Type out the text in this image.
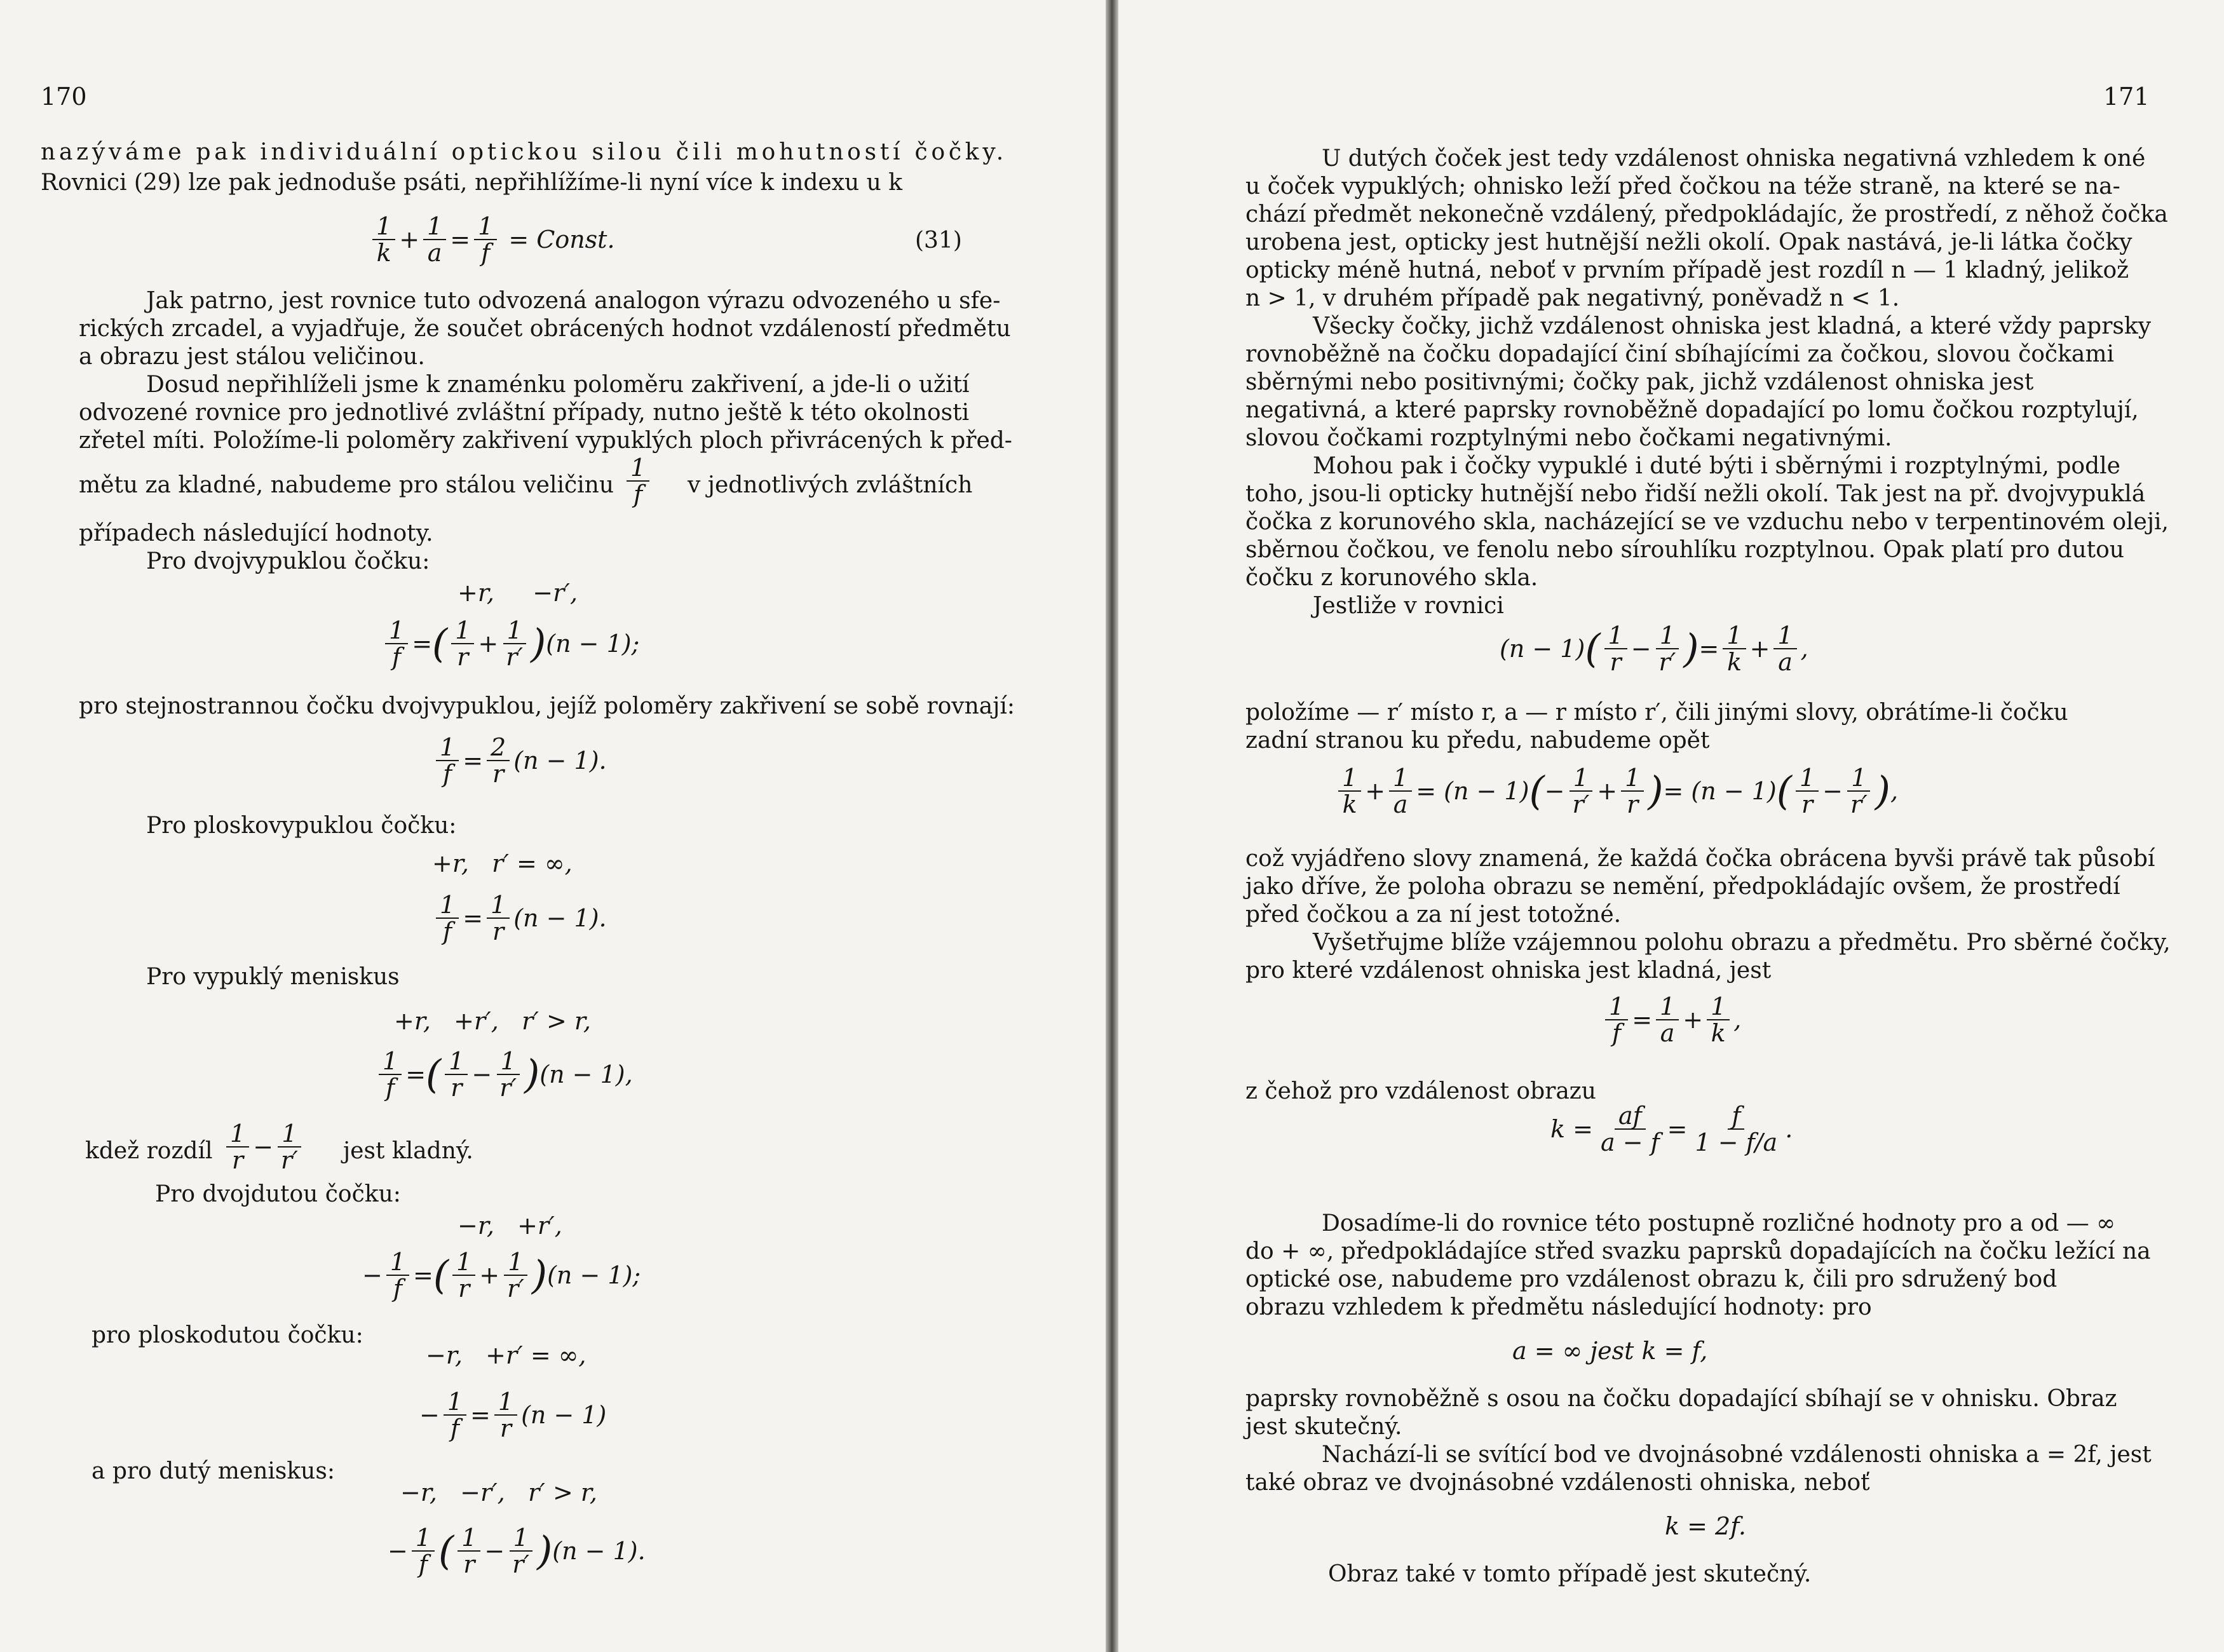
170
nazýváme pak individuální optickou silou čili mohutností čočky.
Rovnici (29) lze pak jednoduše psáti, nepřihlížíme-li nyní více k indexu u k
$\frac{1}{k} + \frac{1}{a} = \frac{1}{f}$ = Const.	(31)
Jak patrno, jest rovnice tuto odvozená analogon výrazu odvozeného u sfe-
rických zrcadel, a vyjadřuje, že součet obrácených hodnot vzdáleností předmětu
a obrazu jest stálou veličinou.
Dosud nepřihlíželi jsme k znaménku poloměru zakřivení, a jde-li o užití
odvozené rovnice pro jednotlivé zvláštní případy, nutno ještě k této okolnosti
zřetel míti. Položíme-li poloměry zakřivení vypuklých ploch přivrácených k před-
mětu za kladné, nabudeme pro stálou veličinu $\frac{1}{f}$ v jednotlivých zvláštních
případech následující hodnoty.
Pro dvojvypuklou čočku:
+r,     −r′,
$\frac{1}{f}$ = ( $\frac{1}{r} + \frac{1}{r'}$ ) (n − 1);
pro stejnostrannou čočku dvojvypuklou, jejíž poloměry zakřivení se sobě rovnají:
$\frac{1}{f} = \frac{2}{r} (n - 1)$.
Pro ploskovypuklou čočku:
+r,   r′ = ∞,
$\frac{1}{f} = \frac{1}{r} (n - 1)$.
Pro vypuklý meniskus
+r,   +r′,   r′ > r,
$\frac{1}{f}$ = ( $\frac{1}{r} - \frac{1}{r'}$ ) (n − 1),
kdež rozdíl $\frac{1}{r} - \frac{1}{r'}$ jest kladný.
Pro dvojdutou čočku:
−r,   +r′,
− $\frac{1}{f}$ = ( $\frac{1}{r} + \frac{1}{r'}$ ) (n − 1);
pro ploskodutou čočku:
−r,   +r′ = ∞,
− $\frac{1}{f} = \frac{1}{r} (n - 1)$
a pro dutý meniskus:
−r,   −r′,   r′ > r,
− $\frac{1}{f}$ ( $\frac{1}{r} - \frac{1}{r'}$ ) (n − 1).
171
U dutých čoček jest tedy vzdálenost ohniska negativná vzhledem k oné
u čoček vypuklých; ohnisko leží před čočkou na téže straně, na které se na-
chází předmět nekonečně vzdálený, předpokládajíc, že prostředí, z něhož čočka
urobena jest, opticky jest hutnější nežli okolí. Opak nastává, je-li látka čočky
opticky méně hutná, neboť v prvním případě jest rozdíl n — 1 kladný, jelikož
n > 1, v druhém případě pak negativný, poněvadž n < 1.
Všecky čočky, jichž vzdálenost ohniska jest kladná, a které vždy paprsky
rovnoběžně na čočku dopadající činí sbíhajícími za čočkou, slovou čočkami
sběrnými nebo positivnými; čočky pak, jichž vzdálenost ohniska jest
negativná, a které paprsky rovnoběžně dopadající po lomu čočkou rozptylují,
slovou čočkami rozptylnými nebo čočkami negativnými.
Mohou pak i čočky vypuklé i duté býti i sběrnými i rozptylnými, podle
toho, jsou-li opticky hutnější nebo řidší nežli okolí. Tak jest na př. dvojvypuklá
čočka z korunového skla, nacházející se ve vzduchu nebo v terpentinovém oleji,
sběrnou čočkou, ve fenolu nebo sírouhlíku rozptylnou. Opak platí pro dutou
čočku z korunového skla.
Jestliže v rovnici
(n − 1) ( $\frac{1}{r} - \frac{1}{r'}$ ) = $\frac{1}{k} + \frac{1}{a}$ ,
položíme — r′ místo r, a — r místo r′, čili jinými slovy, obrátíme-li čočku
zadní stranou ku předu, nabudeme opět
$\frac{1}{k} + \frac{1}{a} = (n - 1)$ ( − $\frac{1}{r'} + \frac{1}{r}$ ) = (n − 1) ( $\frac{1}{r} - \frac{1}{r'}$ ) ,
což vyjádřeno slovy znamená, že každá čočka obrácena byvši právě tak působí
jako dříve, že poloha obrazu se nemění, předpokládajíc ovšem, že prostředí
před čočkou a za ní jest totožné.
Vyšetřujme blíže vzájemnou polohu obrazu a předmětu. Pro sběrné čočky,
pro které vzdálenost ohniska jest kladná, jest
$\frac{1}{f} = \frac{1}{a} + \frac{1}{k}$ ,
z čehož pro vzdálenost obrazu
$k = \frac{af}{a - f} = \frac{f}{1 - f/a}$ .
Dosadíme-li do rovnice této postupně rozličné hodnoty pro a od — ∞
do + ∞, předpokládajíce střed svazku paprsků dopadajících na čočku ležící na
optické ose, nabudeme pro vzdálenost obrazu k, čili pro sdružený bod
obrazu vzhledem k předmětu následující hodnoty: pro
a = ∞ jest k = f,
paprsky rovnoběžně s osou na čočku dopadající sbíhají se v ohnisku. Obraz
jest skutečný.
Nachází-li se svítící bod ve dvojnásobné vzdálenosti ohniska a = 2f, jest
také obraz ve dvojnásobné vzdálenosti ohniska, neboť
k = 2f.
Obraz také v tomto případě jest skutečný.
